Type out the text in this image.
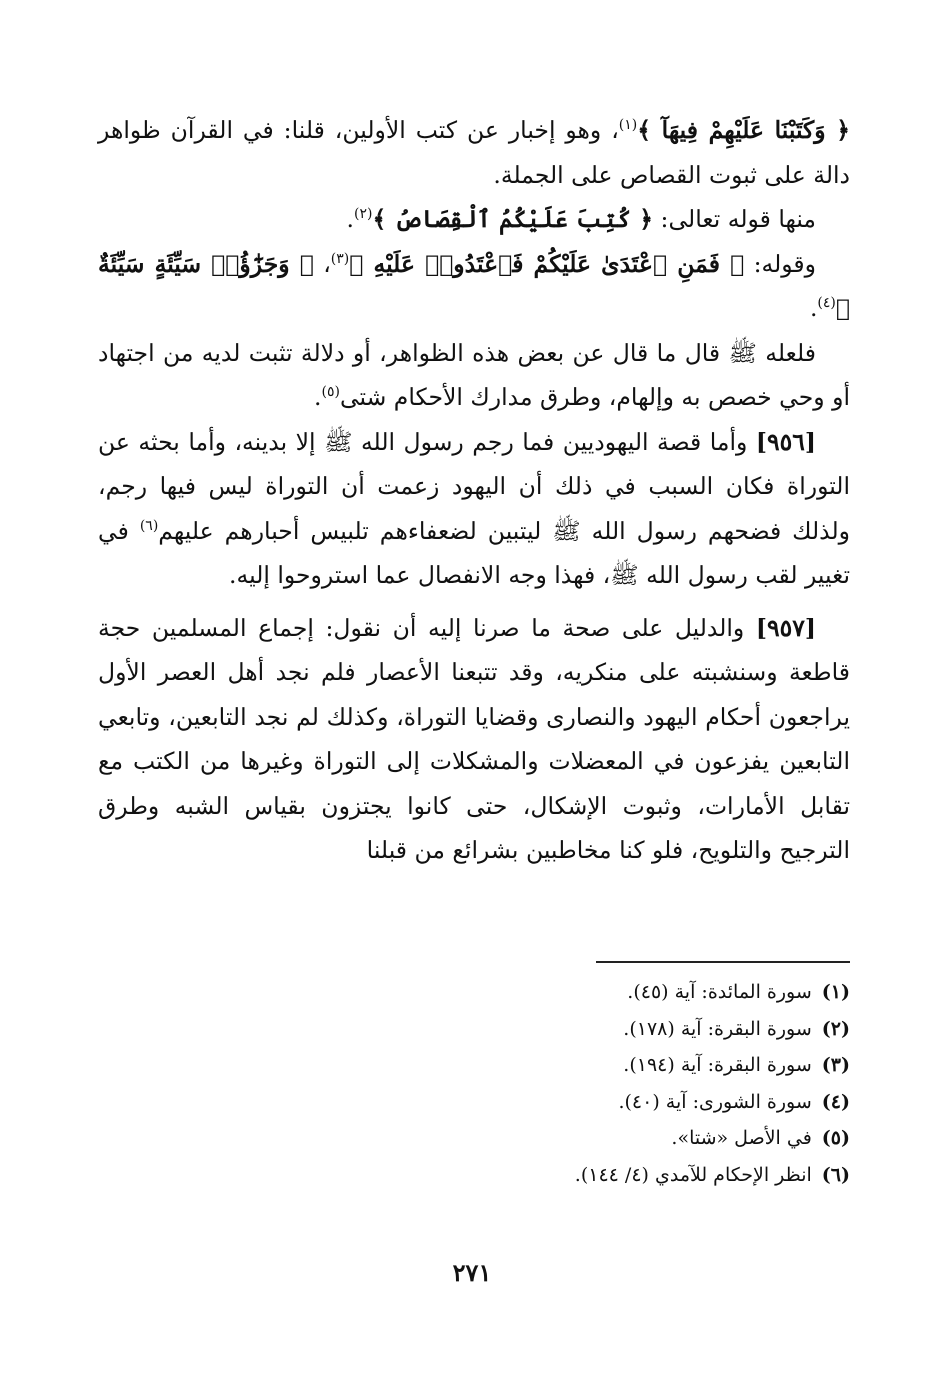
﴿ وَكَتَبْنَا عَلَيْهِمْ فِيهَآ ﴾$^{(١)}$، وهو إخبار عن كتب الأولين، قلنا: في القرآن ظواهر دالة على ثبوت القصاص على الجملة.

منها قوله تعالى: ﴿ كُتِبَ عَلَيْكُمُ ٱلْقِصَاصُ ﴾$^{(٢)}$.

وقوله: ﴿ فَمَنِ ٱعْتَدَىٰ عَلَيْكُمْ فَٱعْتَدُوا۟ عَلَيْهِ ﴾$^{(٣)}$، ﴿ وَجَزَٰٓؤُا۟ سَيِّئَةٍ سَيِّئَةٌ ﴾$^{(٤)}$.

فلعله ﷺ قال ما قال عن بعض هذه الظواهر، أو دلالة تثبت لديه من اجتهاد أو وحي خصص به وإلهام، وطرق مدارك الأحكام شتى$^{(٥)}$.

[٩٥٦] وأما قصة اليهوديين فما رجم رسول الله ﷺ إلا بدينه، وأما بحثه عن التوراة فكان السبب في ذلك أن اليهود زعمت أن التوراة ليس فيها رجم، ولذلك فضحهم رسول الله ﷺ ليتبين لضعفاءهم تلبيس أحبارهم عليهم$^{(٦)}$ في تغيير لقب رسول الله ﷺ، فهذا وجه الانفصال عما استروحوا إليه.

[٩٥٧] والدليل على صحة ما صرنا إليه أن نقول: إجماع المسلمين حجة قاطعة وسنشبته على منكريه، وقد تتبعنا الأعصار فلم نجد أهل العصر الأول يراجعون أحكام اليهود والنصارى وقضايا التوراة، وكذلك لم نجد التابعين، وتابعي التابعين يفزعون في المعضلات والمشكلات إلى التوراة وغيرها من الكتب مع تقابل الأمارات، وثبوت الإشكال، حتى كانوا يجتزون بقياس الشبه وطرق الترجيح والتلويح، فلو كنا مخاطبين بشرائع من قبلنا

(١)سورة المائدة: آية (٤٥).
(٢)سورة البقرة: آية (١٧٨).
(٣)سورة البقرة: آية (١٩٤).
(٤)سورة الشورى: آية (٤٠).
(٥)في الأصل «شتا».
(٦)انظر الإحكام للآمدي (٤/ ١٤٤).
٢٧١
